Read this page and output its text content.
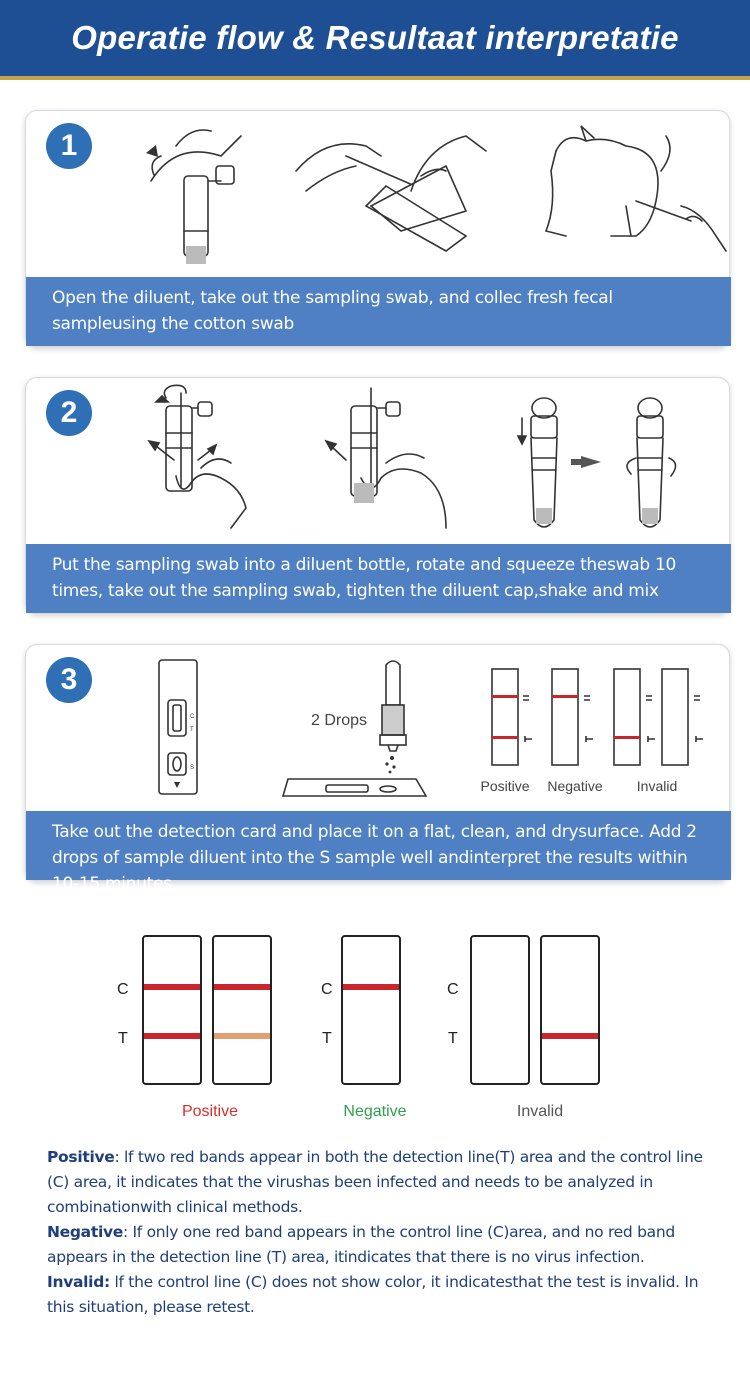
Operatie flow & Resultaat interpretatie
1
Open the diluent, take out the sampling swab, and collec fresh fecal sampleusing the cotton swab
2
Put the sampling swab into a diluent bottle, rotate and squeeze theswab 10 times, take out the sampling swab, tighten the diluent cap,shake and mix
C
T
S
2 Drops
Positive Negative Invalid
3
Take out the detection card and place it on a flat, clean, and drysurface. Add 2 drops of sample diluent into the S sample well andinterpret the results within 10-15 minutes
C
T
C
T
C
T
Positive	Negative	Invalid

Positive: lf two red bands appear in both the detection line(T) area and the control line (C) area, it indicates that the virushas been infected and needs to be analyzed in combinationwith clinical methods.

Negative: If only one red band appears in the control line (C)area, and no red band appears in the detection line (T) area, itindicates that there is no virus infection.

Invalid: lf the control line (C) does not show color, it indicatesthat the test is invalid. In this situation, please retest.
